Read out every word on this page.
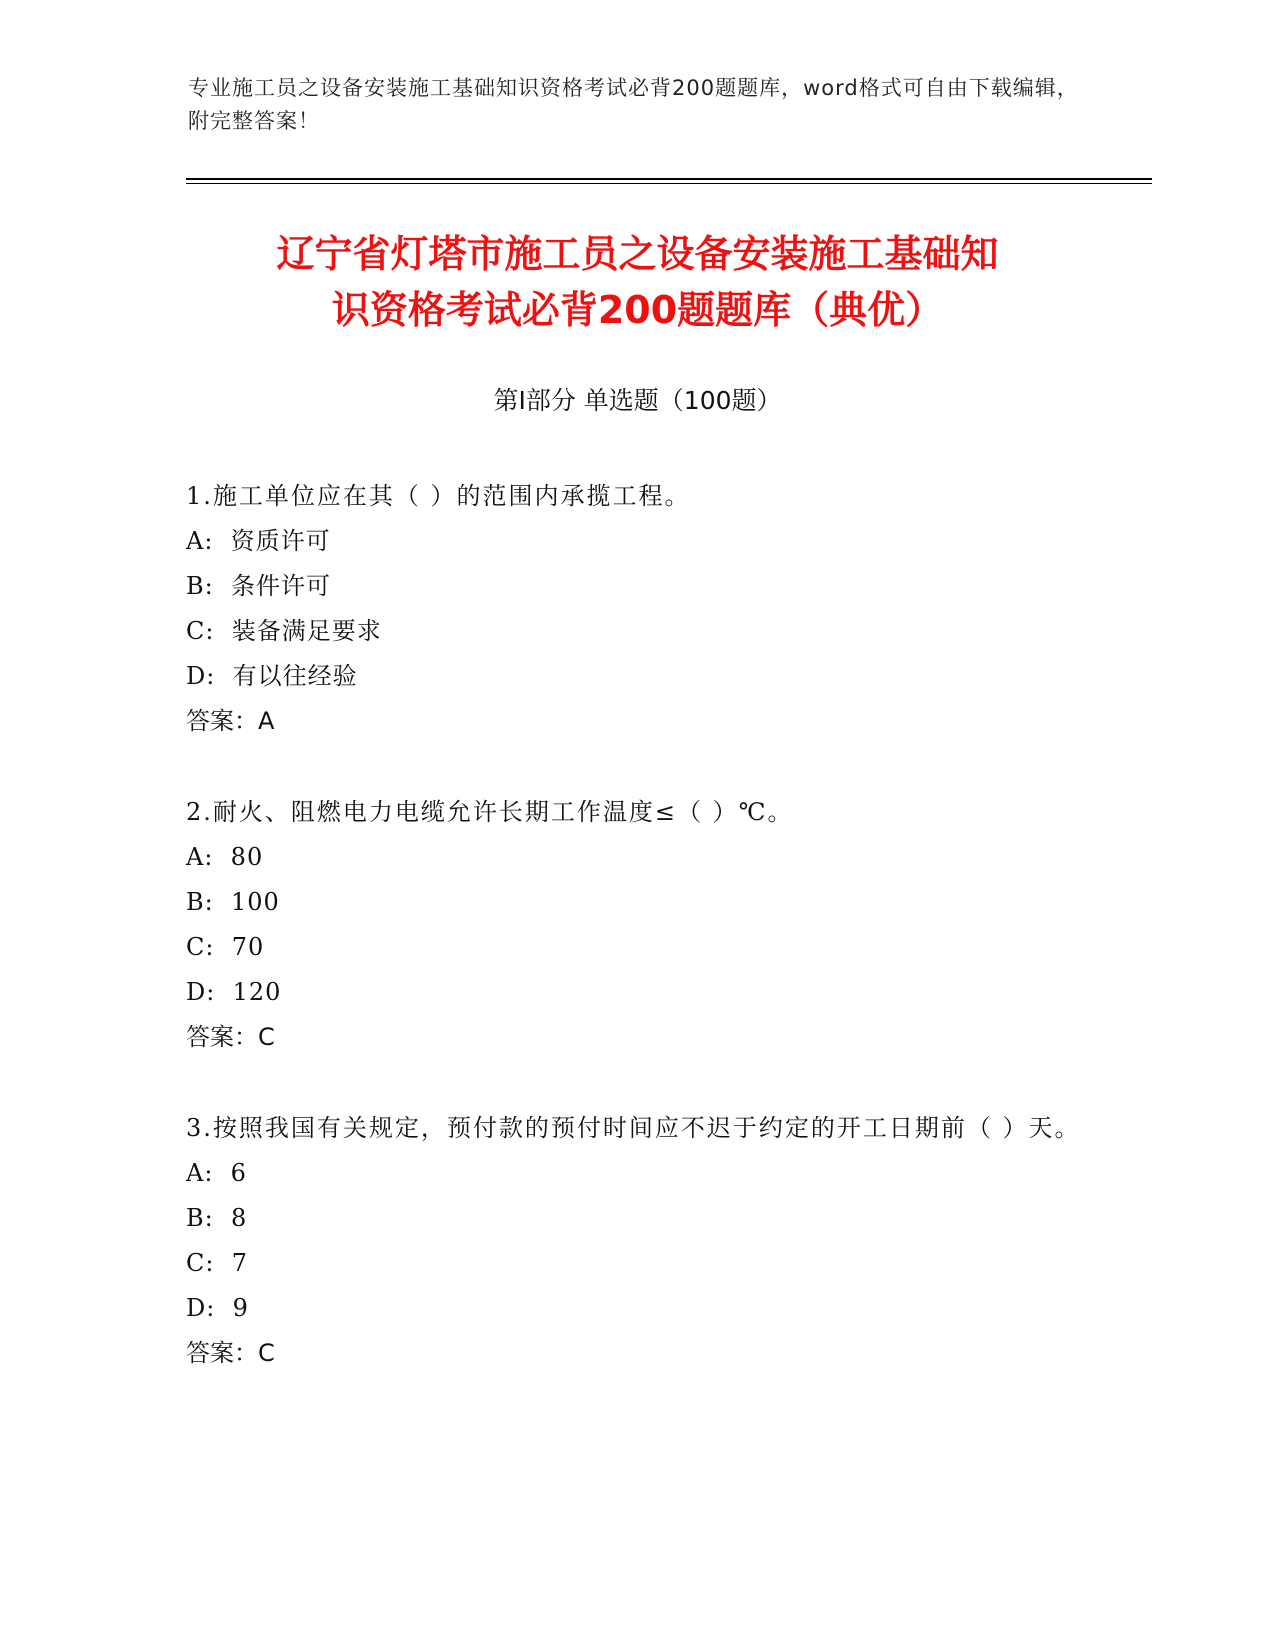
专业施工员之设备安装施工基础知识资格考试必背200题题库，word格式可自由下载编辑，附完整答案！
辽宁省灯塔市施工员之设备安装施工基础知
识资格考试必背200题题库（典优）
第Ⅰ部分 单选题（100题）
1.施工单位应在其（ ）的范围内承揽工程。
A:  资质许可
B:  条件许可
C:  装备满足要求
D:  有以往经验
答案：A
2.耐火、阻燃电力电缆允许长期工作温度≤（ ）℃。
A:  80
B:  100
C:  70
D:  120
答案：C
3.按照我国有关规定，预付款的预付时间应不迟于约定的开工日期前（ ）天。
A:  6
B:  8
C:  7
D:  9
答案：C
